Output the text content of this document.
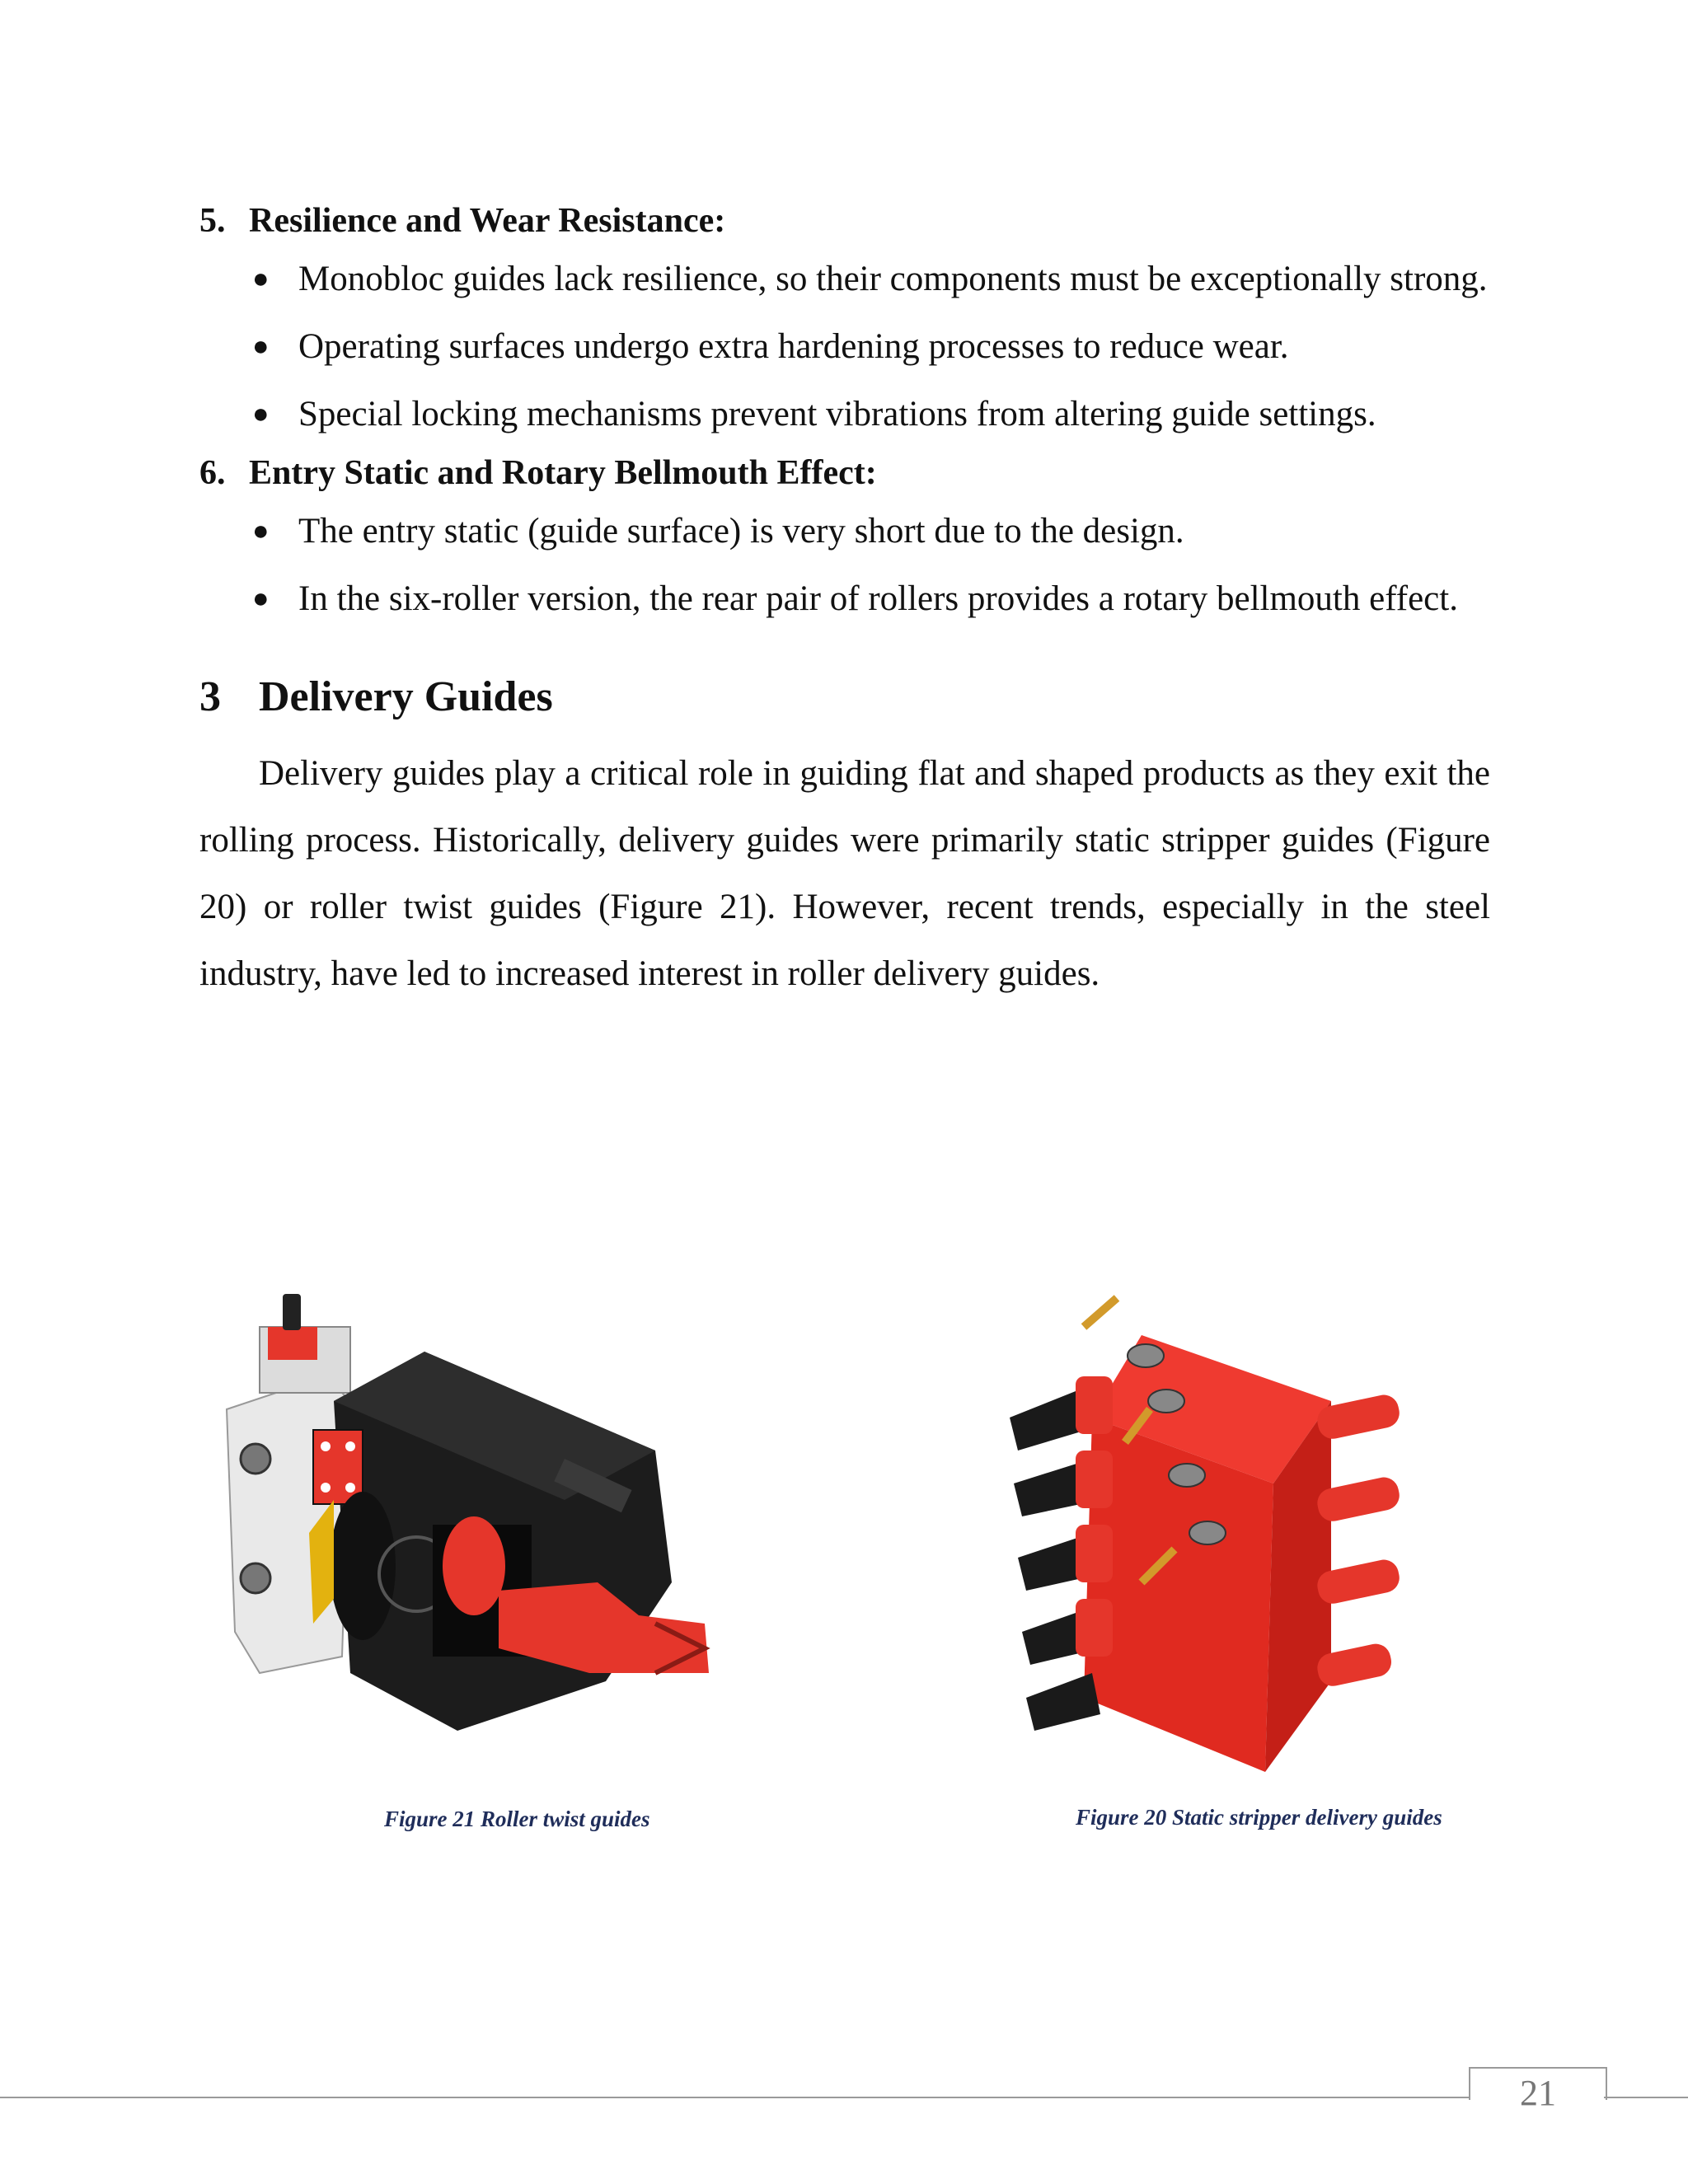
5. Resilience and Wear Resistance:

● Monobloc guides lack resilience, so their components must be exceptionally strong.
● Operating surfaces undergo extra hardening processes to reduce wear.
● Special locking mechanisms prevent vibrations from altering guide settings.

6. Entry Static and Rotary Bellmouth Effect:

● The entry static (guide surface) is very short due to the design.
● In the six-roller version, the rear pair of rollers provides a rotary bellmouth effect.
3 Delivery Guides

Delivery guides play a critical role in guiding flat and shaped products as they exit the rolling process. Historically, delivery guides were primarily static stripper guides (Figure 20) or roller twist guides (Figure 21). However, recent trends, especially in the steel industry, have led to increased interest in roller delivery guides.

Figure 21 Roller twist guides	Figure 20 Static stripper delivery guides
21
